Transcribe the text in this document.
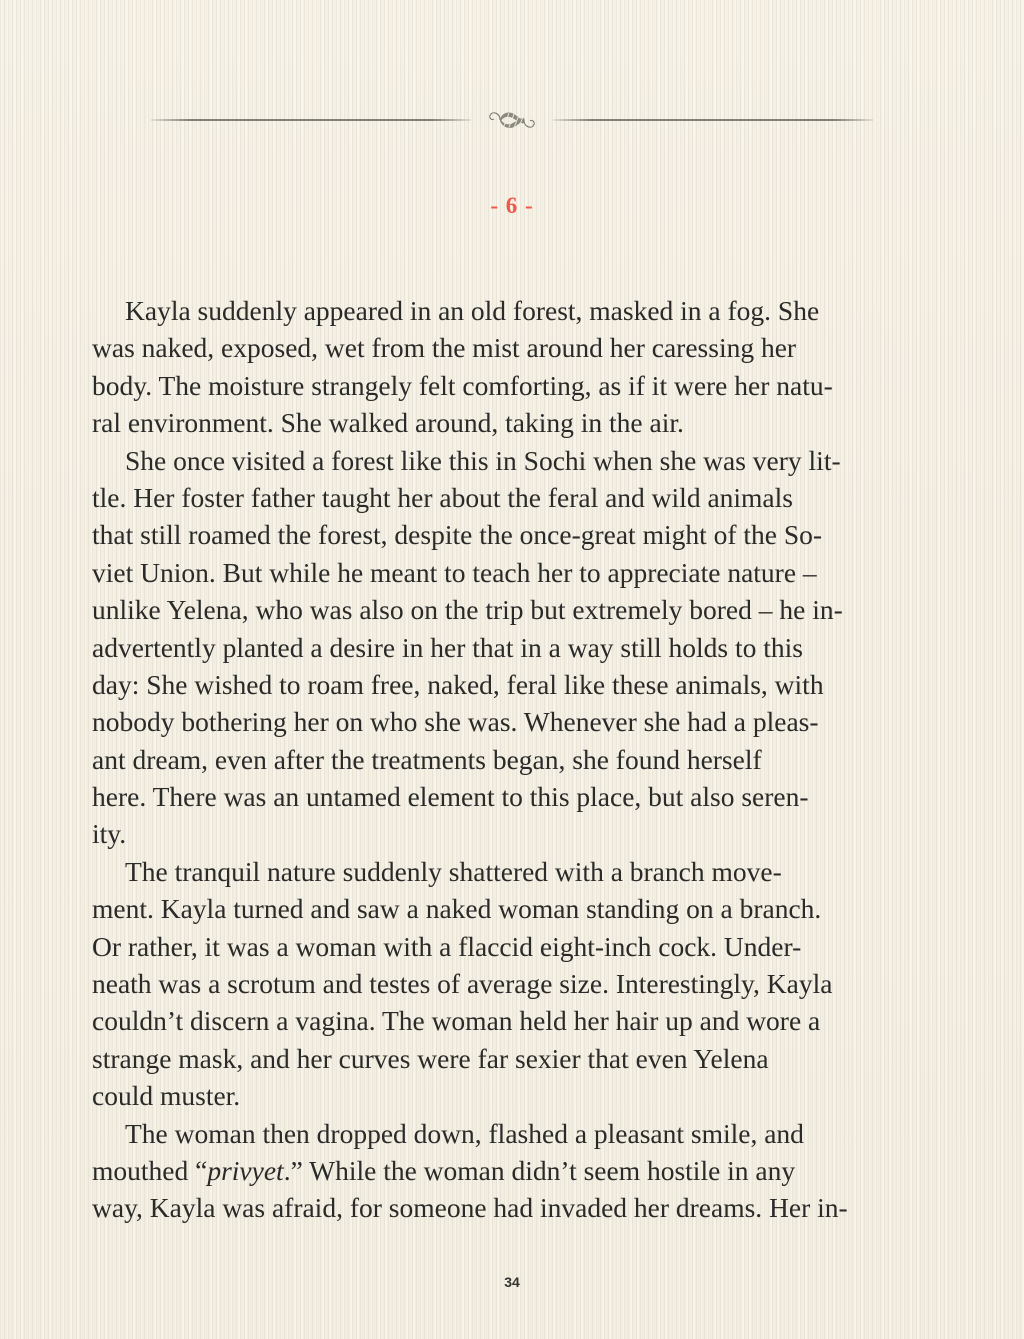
- 6 -
Kayla suddenly appeared in an old forest, masked in a fog. She
was naked, exposed, wet from the mist around her caressing her
body. The moisture strangely felt comforting, as if it were her natu-
ral environment. She walked around, taking in the air.
She once visited a forest like this in Sochi when she was very lit-
tle. Her foster father taught her about the feral and wild animals
that still roamed the forest, despite the once-great might of the So-
viet Union. But while he meant to teach her to appreciate nature –
unlike Yelena, who was also on the trip but extremely bored – he in-
advertently planted a desire in her that in a way still holds to this
day: She wished to roam free, naked, feral like these animals, with
nobody bothering her on who she was. Whenever she had a pleas-
ant dream, even after the treatments began, she found herself
here. There was an untamed element to this place, but also seren-
ity.
The tranquil nature suddenly shattered with a branch move-
ment. Kayla turned and saw a naked woman standing on a branch.
Or rather, it was a woman with a flaccid eight-inch cock. Under-
neath was a scrotum and testes of average size. Interestingly, Kayla
couldn’t discern a vagina. The woman held her hair up and wore a
strange mask, and her curves were far sexier that even Yelena
could muster.
The woman then dropped down, flashed a pleasant smile, and
mouthed “privyet.” While the woman didn’t seem hostile in any
way, Kayla was afraid, for someone had invaded her dreams. Her in-
34
